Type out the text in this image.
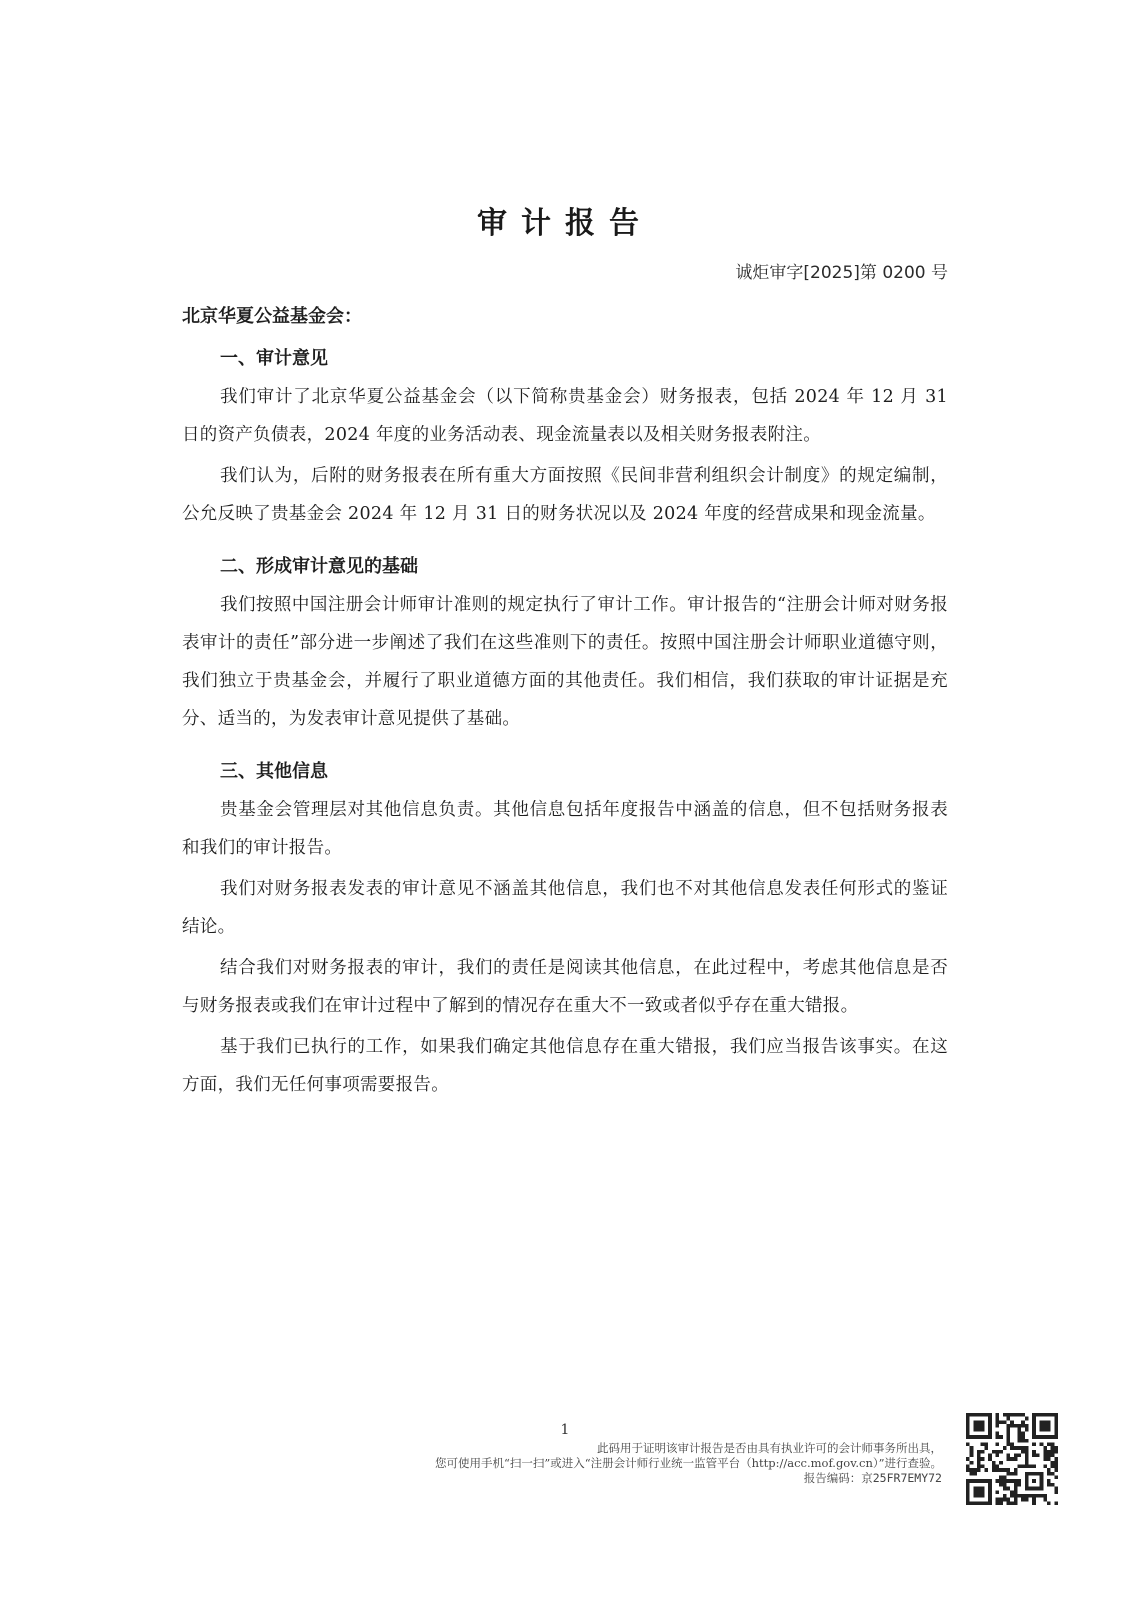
审计报告
诚炬审字[2025]第 0200 号
北京华夏公益基金会：
一、审计意见

我们审计了北京华夏公益基金会（以下简称贵基金会）财务报表，包括 2024 年 12 月 31 日的资产负债表，2024 年度的业务活动表、现金流量表以及相关财务报表附注。

我们认为，后附的财务报表在所有重大方面按照《民间非营利组织会计制度》的规定编制，公允反映了贵基金会 2024 年 12 月 31 日的财务状况以及 2024 年度的经营成果和现金流量。

二、形成审计意见的基础

我们按照中国注册会计师审计准则的规定执行了审计工作。审计报告的“注册会计师对财务报表审计的责任”部分进一步阐述了我们在这些准则下的责任。按照中国注册会计师职业道德守则，我们独立于贵基金会，并履行了职业道德方面的其他责任。我们相信，我们获取的审计证据是充分、适当的，为发表审计意见提供了基础。

三、其他信息

贵基金会管理层对其他信息负责。其他信息包括年度报告中涵盖的信息，但不包括财务报表和我们的审计报告。

我们对财务报表发表的审计意见不涵盖其他信息，我们也不对其他信息发表任何形式的鉴证结论。

结合我们对财务报表的审计，我们的责任是阅读其他信息，在此过程中，考虑其他信息是否与财务报表或我们在审计过程中了解到的情况存在重大不一致或者似乎存在重大错报。

基于我们已执行的工作，如果我们确定其他信息存在重大错报，我们应当报告该事实。在这方面，我们无任何事项需要报告。

1
此码用于证明该审计报告是否由具有执业许可的会计师事务所出具，
您可使用手机“扫一扫”或进入“注册会计师行业统一监管平台（http://acc.mof.gov.cn）”进行查验。
报告编码：京25FR7EMY72
